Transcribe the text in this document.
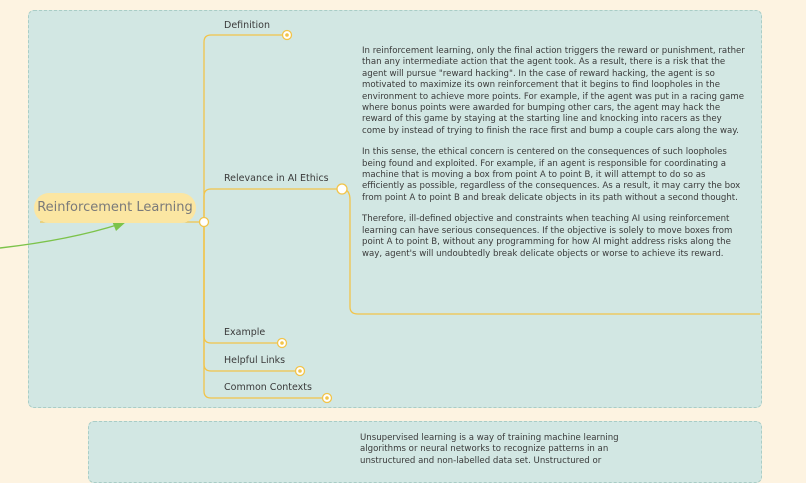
Reinforcement Learning
Definition
Relevance in AI Ethics
Example
Helpful Links
Common Contexts

In reinforcement learning, only the final action triggers the reward or punishment, rather than any intermediate action that the agent took. As a result, there is a risk that the agent will pursue "reward hacking". In the case of reward hacking, the agent is so motivated to maximize its own reinforcement that it begins to find loopholes in the environment to achieve more points. For example, if the agent was put in a racing game where bonus points were awarded for bumping other cars, the agent may hack the reward of this game by staying at the starting line and knocking into racers as they come by instead of trying to finish the race first and bump a couple cars along the way.

In this sense, the ethical concern is centered on the consequences of such loopholes being found and exploited. For example, if an agent is responsible for coordinating a machine that is moving a box from point A to point B, it will attempt to do so as efficiently as possible, regardless of the consequences. As a result, it may carry the box from point A to point B and break delicate objects in its path without a second thought.

Therefore, ill-defined objective and constraints when teaching AI using reinforcement learning can have serious consequences. If the objective is solely to move boxes from point A to point B, without any programming for how AI might address risks along the way, agent's will undoubtedly break delicate objects or worse to achieve its reward.

Unsupervised learning is a way of training machine learning algorithms or neural networks to recognize patterns in an unstructured and non-labelled data set. Unstructured or
